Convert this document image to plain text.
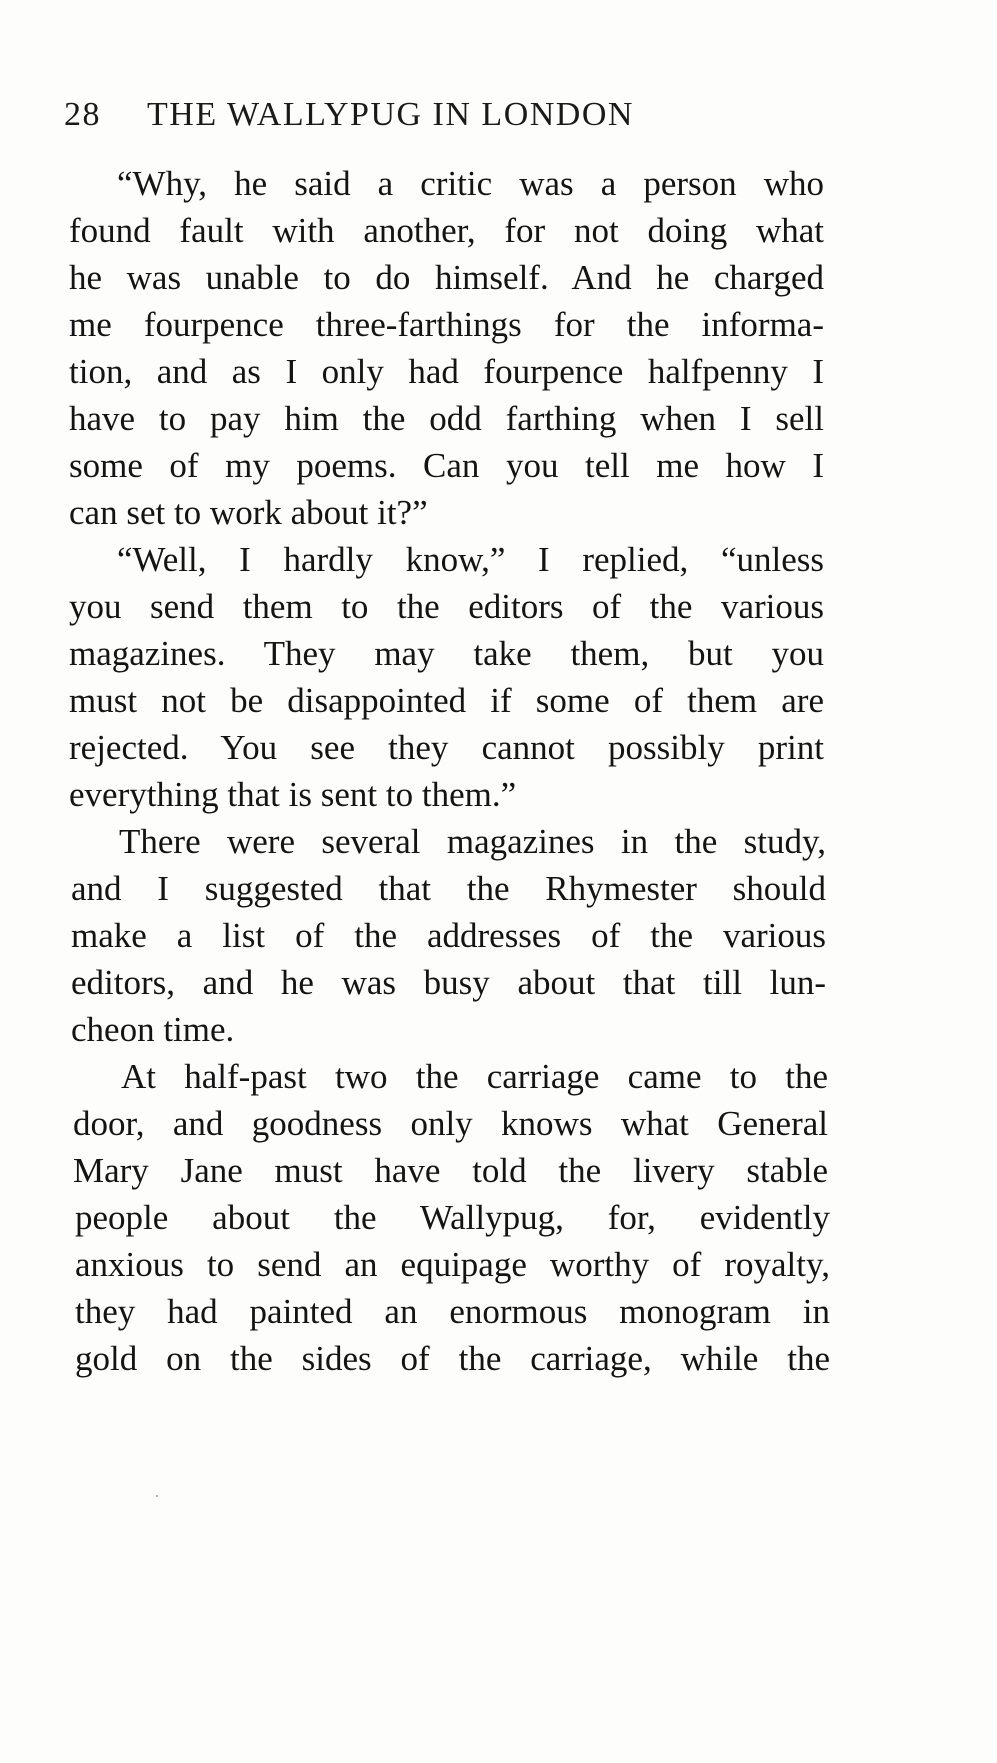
28 THE WALLYPUG IN LONDON
“Why, he said a critic was a person who
found fault with another, for not doing what
he was unable to do himself. And he charged
me fourpence three-farthings for the informa-
tion, and as I only had fourpence halfpenny I
have to pay him the odd farthing when I sell
some of my poems. Can you tell me how I
can set to work about it?”
“Well, I hardly know,” I replied, “unless
you send them to the editors of the various
magazines. They may take them, but you
must not be disappointed if some of them are
rejected. You see they cannot possibly print
everything that is sent to them.”
There were several magazines in the study,
and I suggested that the Rhymester should
make a list of the addresses of the various
editors, and he was busy about that till lun-
cheon time.
At half-past two the carriage came to the
door, and goodness only knows what General
Mary Jane must have told the livery stable
people about the Wallypug, for, evidently
anxious to send an equipage worthy of royalty,
they had painted an enormous monogram in
gold on the sides of the carriage, while the
